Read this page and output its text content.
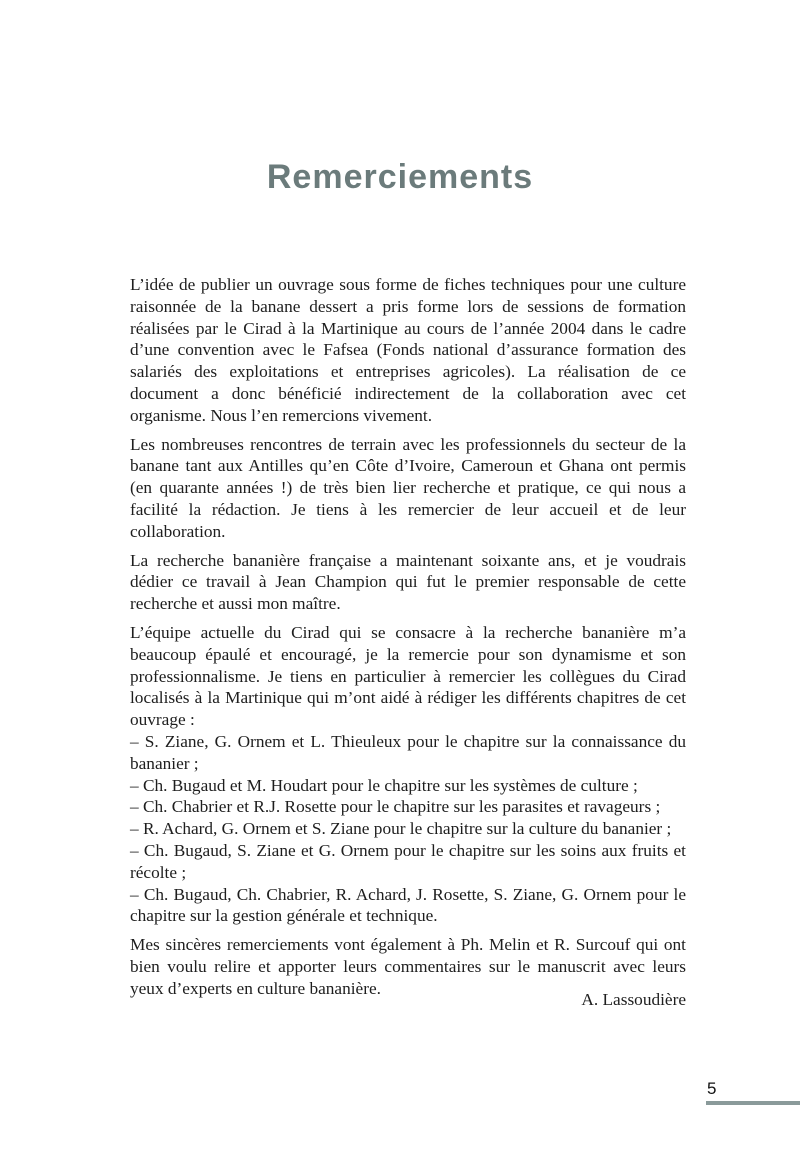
Remerciements

L’idée de publier un ouvrage sous forme de fiches techniques pour une culture raisonnée de la banane dessert a pris forme lors de sessions de formation réalisées par le Cirad à la Martinique au cours de l’année 2004 dans le cadre d’une convention avec le Fafsea (Fonds national d’assurance formation des salariés des exploitations et entreprises agricoles). La réalisation de ce document a donc bénéficié indirectement de la collaboration avec cet organisme. Nous l’en remercions vivement.

Les nombreuses rencontres de terrain avec les professionnels du secteur de la banane tant aux Antilles qu’en Côte d’Ivoire, Cameroun et Ghana ont permis (en quarante années !) de très bien lier recherche et pratique, ce qui nous a facilité la rédaction. Je tiens à les remercier de leur accueil et de leur collaboration.

La recherche bananière française a maintenant soixante ans, et je voudrais dédier ce travail à Jean Champion qui fut le premier responsable de cette recherche et aussi mon maître.

L’équipe actuelle du Cirad qui se consacre à la recherche bananière m’a beaucoup épaulé et encouragé, je la remercie pour son dynamisme et son professionnalisme. Je tiens en particulier à remercier les collègues du Cirad localisés à la Martinique qui m’ont aidé à rédiger les différents chapitres de cet ouvrage :

– S. Ziane, G. Ornem et L. Thieuleux pour le chapitre sur la connaissance du bananier ;
– Ch. Bugaud et M. Houdart pour le chapitre sur les systèmes de culture ;
– Ch. Chabrier et R.J. Rosette pour le chapitre sur les parasites et ravageurs ;
– R. Achard, G. Ornem et S. Ziane pour le chapitre sur la culture du bananier ;
– Ch. Bugaud, S. Ziane et G. Ornem pour le chapitre sur les soins aux fruits et récolte ;
– Ch. Bugaud, Ch. Chabrier, R. Achard, J. Rosette, S. Ziane, G. Ornem pour le chapitre sur la gestion générale et technique.

Mes sincères remerciements vont également à Ph. Melin et R. Surcouf qui ont bien voulu relire et apporter leurs commentaires sur le manuscrit avec leurs yeux d’experts en culture bananière.

A. Lassoudière
5
